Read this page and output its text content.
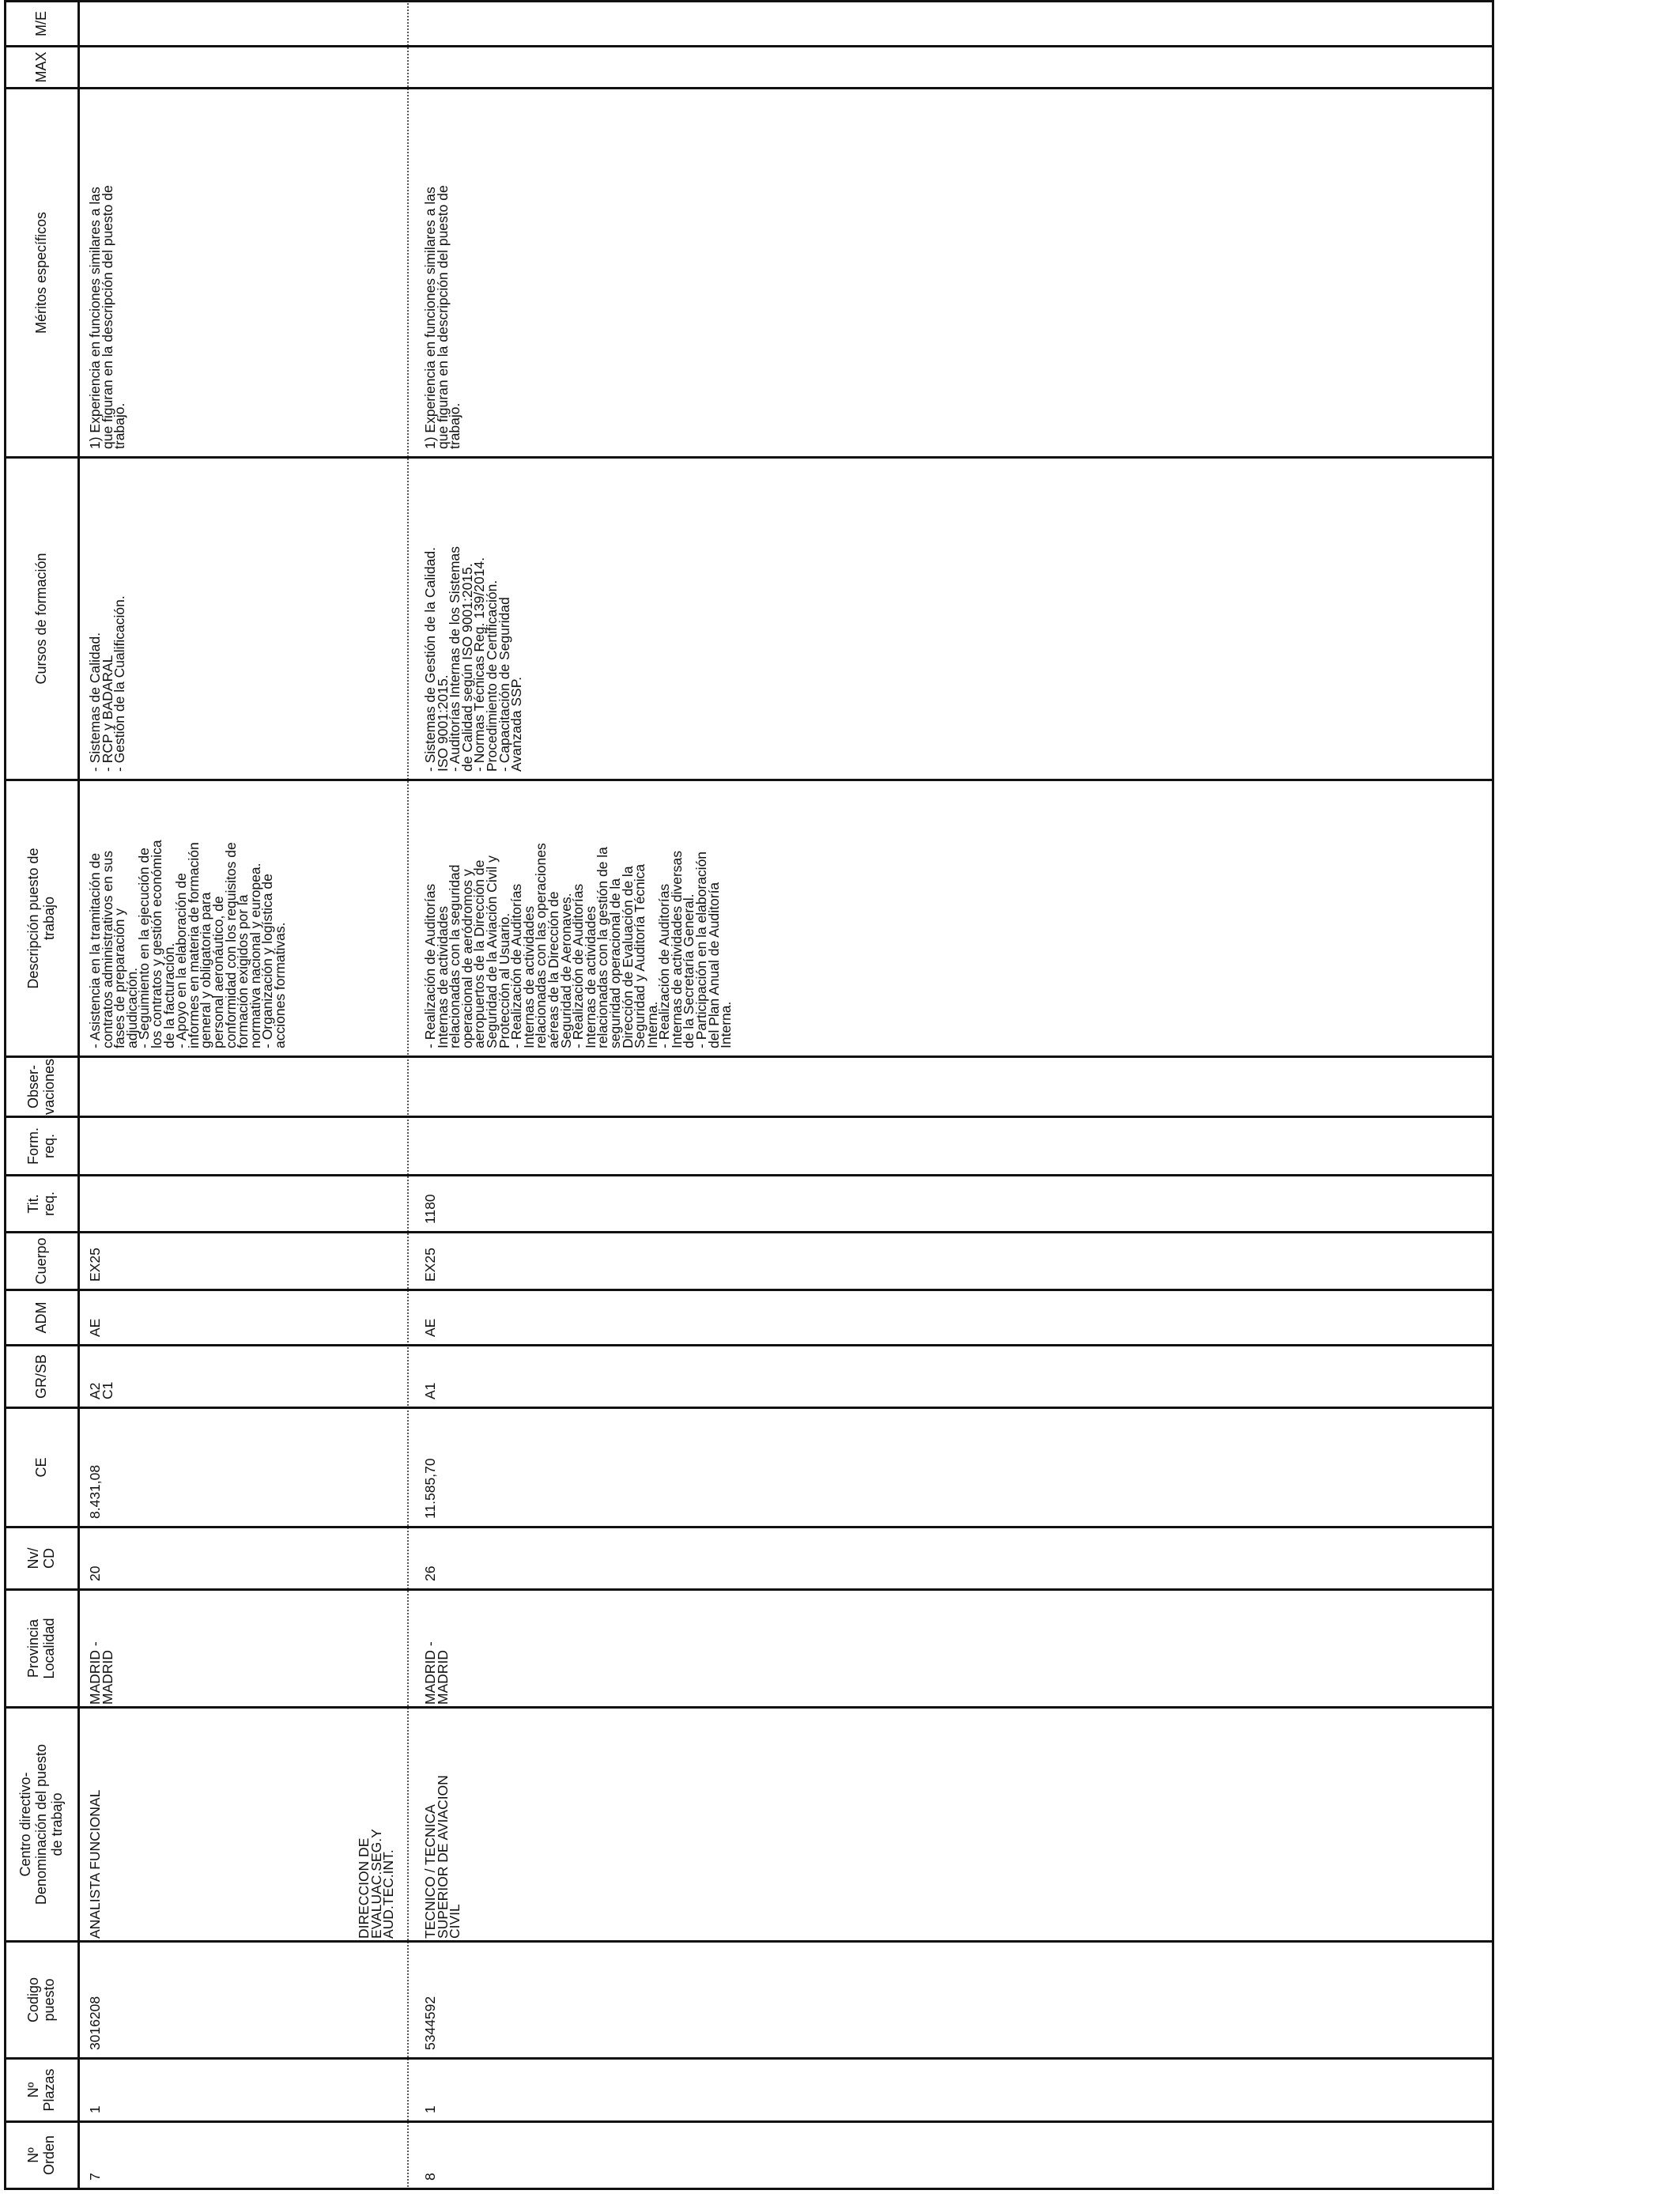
Nº
Orden
Nº
Plazas
Codigo
puesto
Centro directivo-
Denominación del puesto
de trabajo
Provincia
Localidad
Nv/
CD
CE
GR/SB
ADM
Cuerpo
Tit.
req.
Form.
req.
Obser-
vaciones
Descripción puesto de
trabajo
Cursos de formación
Méritos específicos
MAX
M/E
7
1
3016208
ANALISTA FUNCIONAL
MADRID -
MADRID
20
8.431,08
A2
C1
AE
EX25
- Asistencia en la tramitación de
contratos administrativos en sus
fases de preparación y
adjudicación.
- Seguimiento en la ejecución de
los contratos y gestión económica
de la facturación.
- Apoyo en la elaboración de
informes en materia de formación
general y obligatoria para
personal aeronáutico, de
conformidad con los requisitos de
formación exigidos por la
normativa nacional y europea.
- Organización y logística de
acciones formativas.
- Sistemas de Calidad.
- RCP y BADARAL
- Gestión de la Cualificación.
1) Experiencia en funciones similares a las
que figuran en la descripción del puesto de
trabajo.
8
1
5344592
DIRECCION DE
EVALUAC.SEG.Y
AUD.TEC.INT. TECNICO / TECNICA
SUPERIOR DE AVIACION
CIVIL
MADRID -
MADRID
26
11.585,70
A1
AE
EX25
1180
- Realización de Auditorías
Internas de actividades
relacionadas con la seguridad
operacional de aeródromos y
aeropuertos de la Dirección de
Seguridad de la Aviación Civil y
Protección al Usuario.
- Realización de Auditorías
Internas de actividades
relacionadas con las operaciones
aéreas de la Dirección de
Seguridad de Aeronaves.
- Realización de Auditorías
Internas de actividades
relacionadas con la gestión de la
seguridad operacional de la
Dirección de Evaluación de la
Seguridad y Auditoría Técnica
Interna.
- Realización de Auditorías
Internas de actividades diversas
de la Secretaría General.
- Participación en la elaboración
del Plan Anual de Auditoría
Interna.
- Sistemas de Gestión de la Calidad.
ISO 9001:2015.
- Auditorías Internas de los Sistemas
de Calidad según ISO 9001:2015.
- Normas Técnicas Reg. 139/2014.
Procedimiento de Certificación.
- Capacitación de Seguridad
Avanzada SSP.
1) Experiencia en funciones similares a las
que figuran en la descripción del puesto de
trabajo.
